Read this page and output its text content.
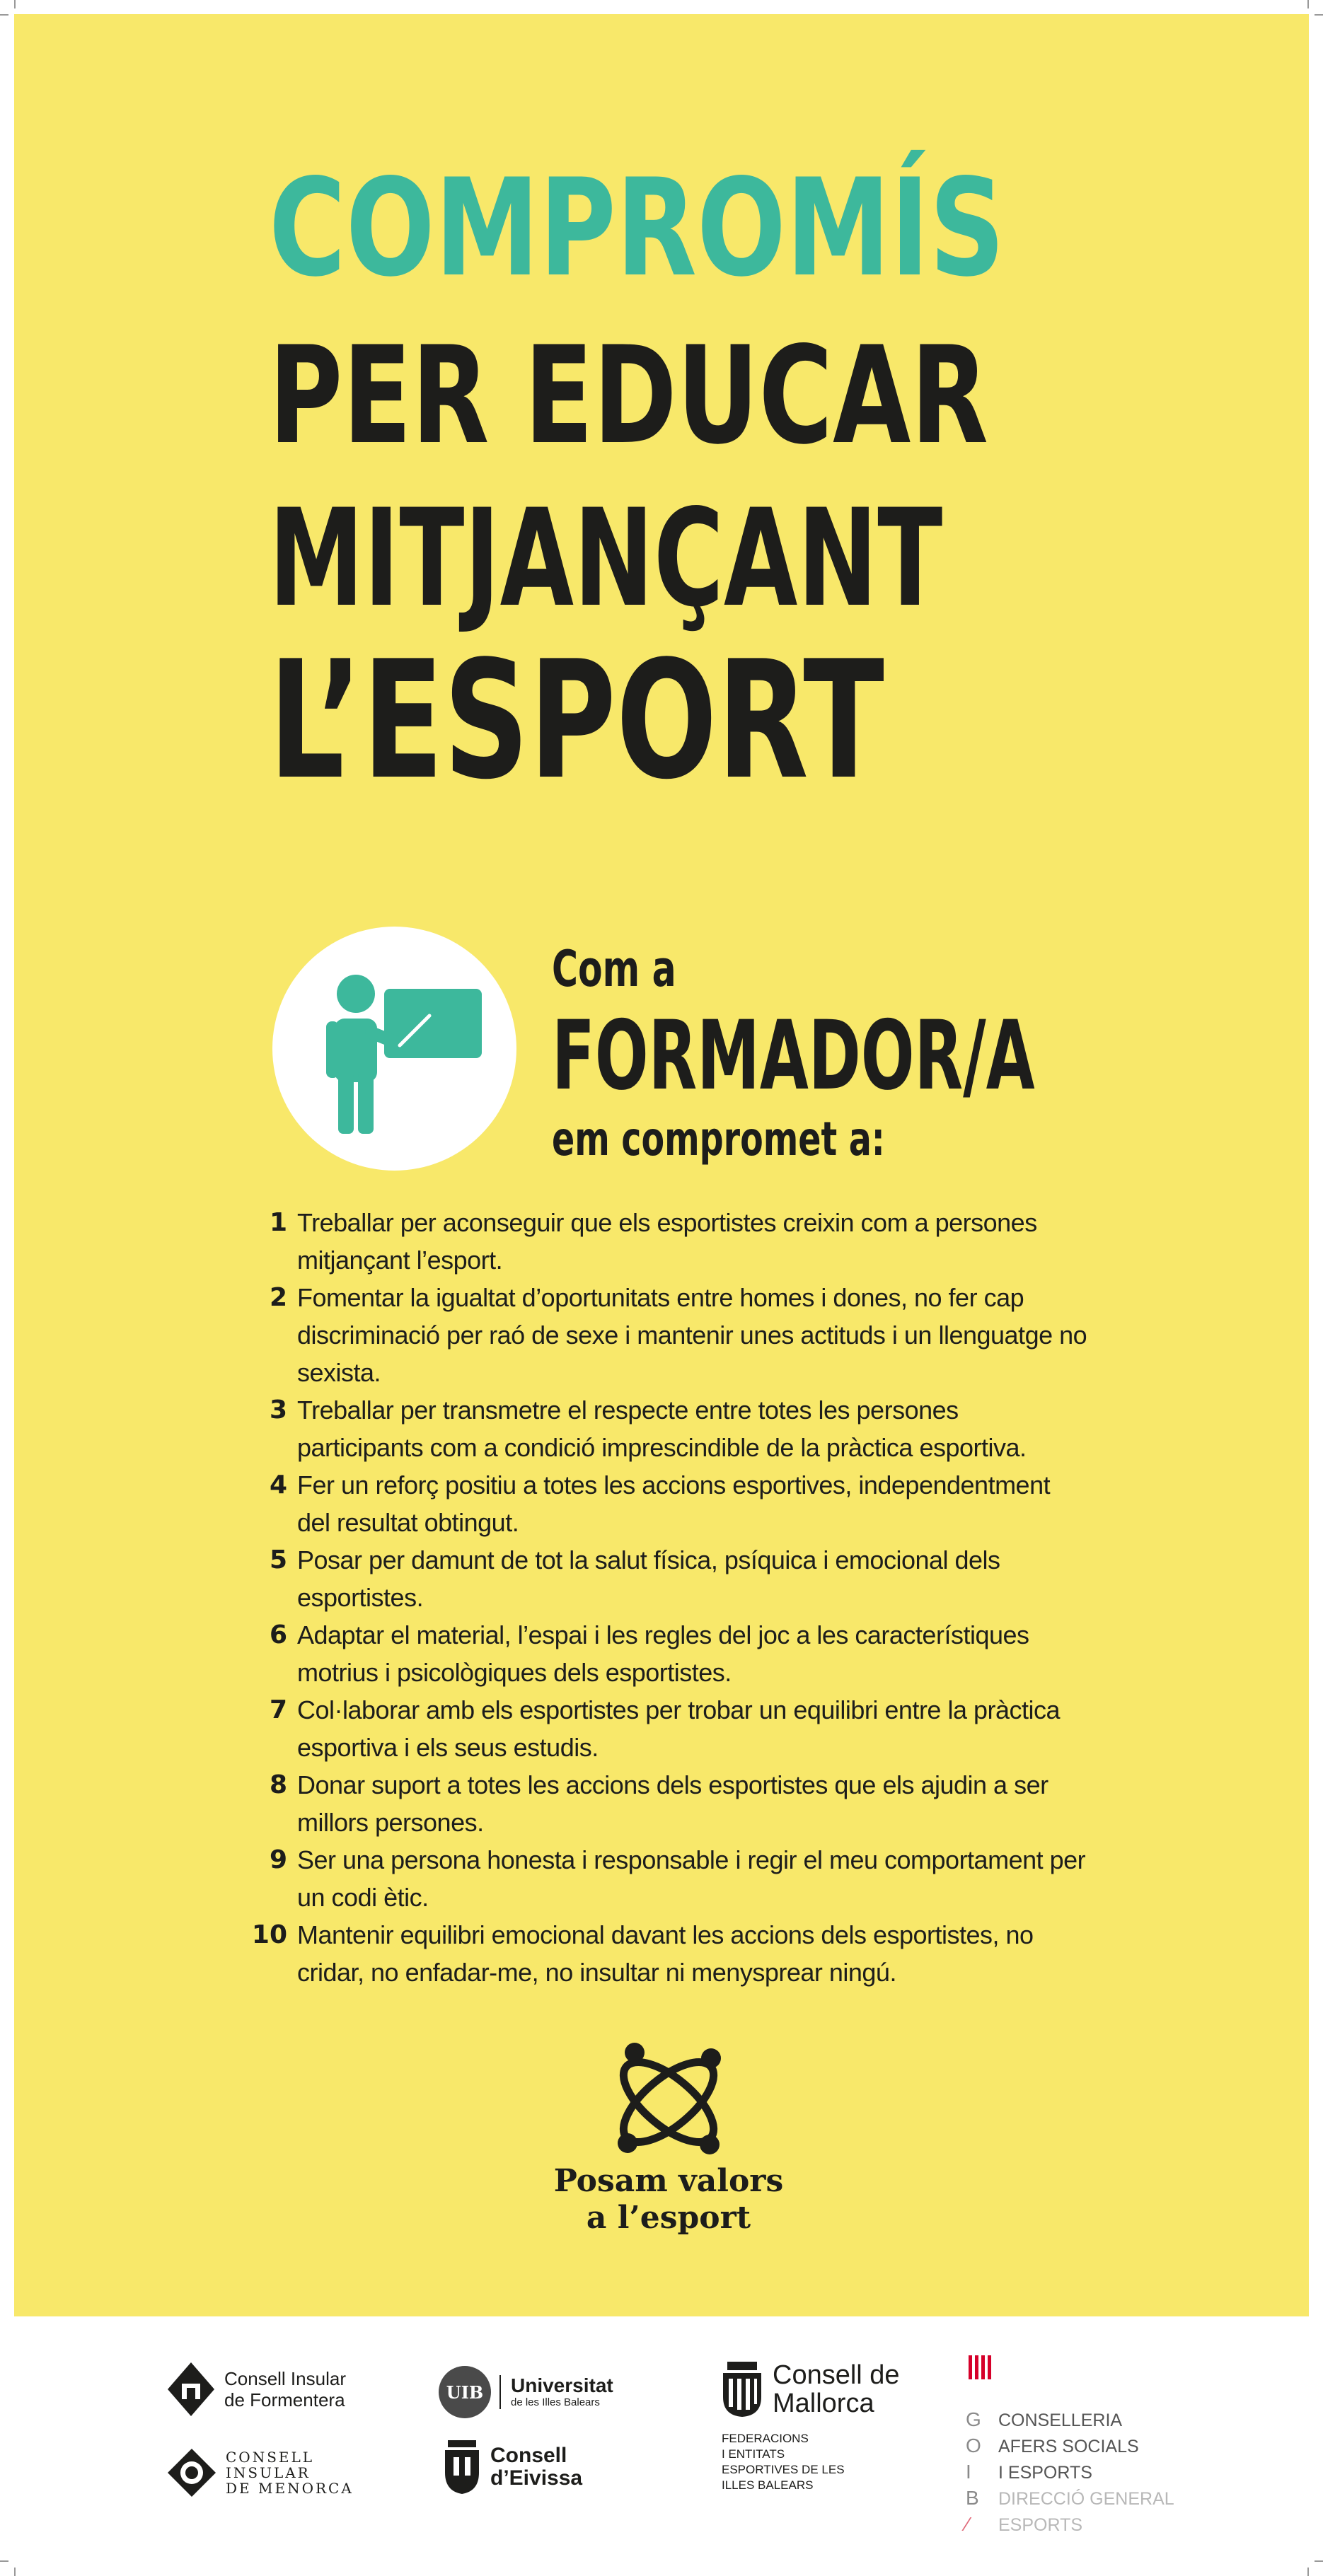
COMPROMÍS
PER EDUCAR
MITJANÇANT
L’ESPORT
Com a
FORMADOR/A
em compromet a:
1 Treballar per aconseguir que els esportistes creixin com a persones mitjançant l’esport.
2 Fomentar la igualtat d’oportunitats entre homes i dones, no fer cap discriminació per raó de sexe i mantenir unes actituds i un llenguatge no sexista.
3 Treballar per transmetre el respecte entre totes les persones participants com a condició imprescindible de la pràctica esportiva.
4 Fer un reforç positiu a totes les accions esportives, independentment del resultat obtingut.
5 Posar per damunt de tot la salut física, psíquica i emocional dels esportistes.
6 Adaptar el material, l’espai i les regles del joc a les característiques motrius i psicològiques dels esportistes.
7 Col·laborar amb els esportistes per trobar un equilibri entre la pràctica esportiva i els seus estudis.
8 Donar suport a totes les accions dels esportistes que els ajudin a ser millors persones.
9 Ser una persona honesta i responsable i regir el meu comportament per un codi ètic.
10 Mantenir equilibri emocional davant les accions dels esportistes, no cridar, no enfadar-me, no insultar ni menysprear ningú.
Posam valors
a l’esport
Consell Insular
de Formentera
CONSELL
INSULAR
DE MENORCA
UIB	Universitat
de les Illes Balears
Consell
d’Eivissa
Consell de
Mallorca
FEDERACIONS
I ENTITATS
ESPORTIVES DE LES
ILLES BALEARS
G CONSELLERIA
O AFERS SOCIALS
I	I ESPORTS
B	DIRECCIÓ GENERAL
⁄	ESPORTS
